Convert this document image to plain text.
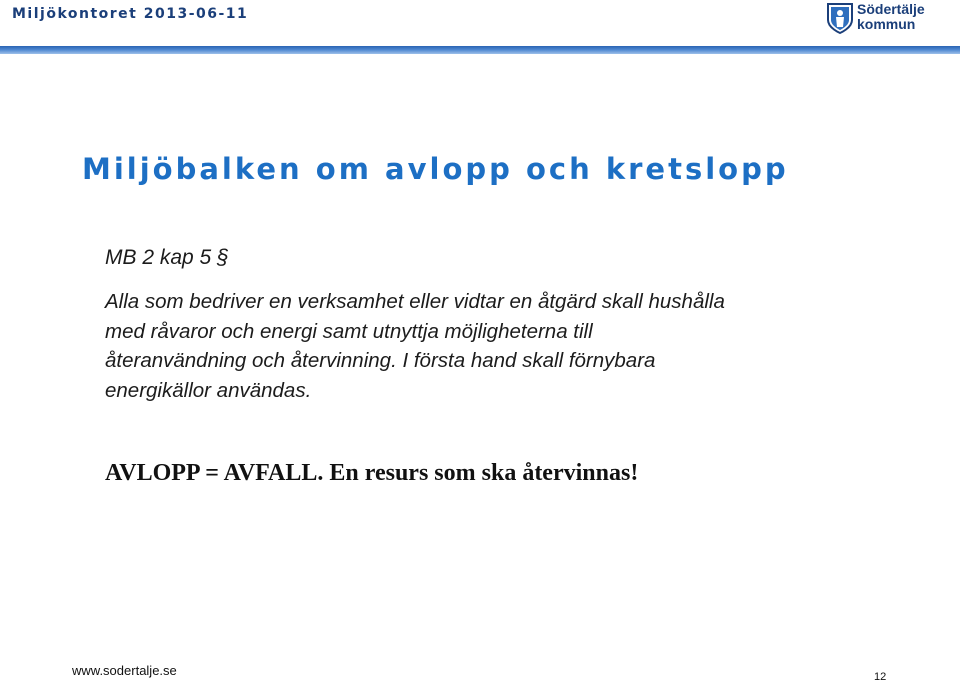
Miljökontoret 2013-06-11	Södertälje
kommun
Miljöbalken om avlopp och kretslopp
MB 2 kap 5 §
Alla som bedriver en verksamhet eller vidtar en åtgärd skall hushålla
med råvaror och energi samt utnyttja möjligheterna till
återanvändning och återvinning. I första hand skall förnybara
energikällor användas.
AVLOPP = AVFALL. En resurs som ska återvinnas!
www.sodertalje.se	12
